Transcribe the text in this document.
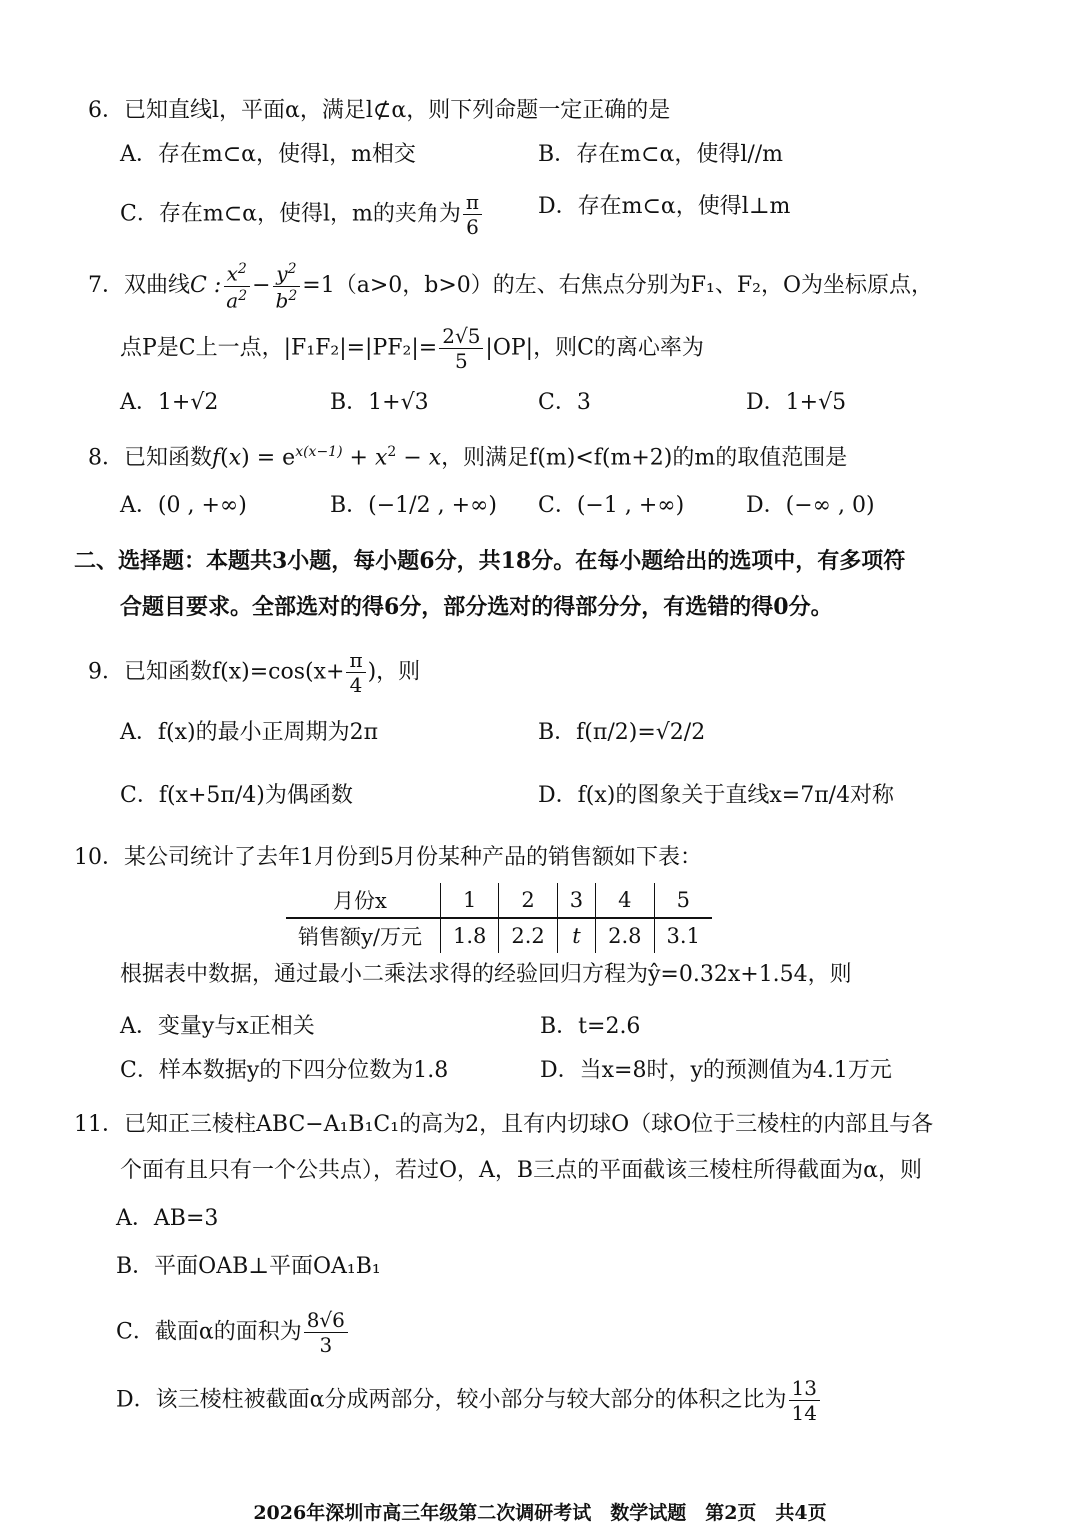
6．已知直线l，平面α，满足l⊄α，则下列命题一定正确的是
A．存在m⊂α，使得l，m相交	B．存在m⊂α，使得l//m
C．存在m⊂α，使得l，m的夹角为 $\frac{\pi}{6}$	D．存在m⊂α，使得l⊥m
7．双曲线C : $\frac{x^2}{a^2} - \frac{y^2}{b^2} =1(a>0$，b>0）的左、右焦点分别为F₁、F₂，O为坐标原点，
点P是C上一点，$|F_1F_2|=|PF_2|= \frac{2√5}{5} |OP|$，则C的离心率为
A．1+√2	B．1+√3	C．3	D．1+√5
8．已知函数$f(x) = e^{x(x-1)} + x^2 - x$，则满足f(m)<f(m+2)的m的取值范围是
A．(0 , +∞)	B．(−1/2 , +∞) C．(−1 , +∞)	D．(−∞ , 0)
二、选择题：本题共3小题，每小题6分，共18分。在每小题给出的选项中，有多项符
合题目要求。全部选对的得6分，部分选对的得部分分，有选错的得0分。
9．已知函数$f(x)=\cos(x+ \frac{\pi}{4}$ )，则
A．f(x)的最小正周期为2π	B．f(π/2)=√2/2
C．f(x+5π/4)为偶函数	D．f(x)的图象关于直线x=7π/4对称
10．某公司统计了去年1月份到5月份某种产品的销售额如下表：
月份x	1	2	3	4	5
销售额y/万元	1.8	2.2	t	2.8	3.1
根据表中数据，通过最小二乘法求得的经验回归方程为ŷ=0.32x+1.54，则
A．变量y与x正相关	B．t=2.6
C．样本数据y的下四分位数为1.8	D．当x=8时，y的预测值为4.1万元
11．已知正三棱柱ABC−A₁B₁C₁的高为2，且有内切球O（球O位于三棱柱的内部且与各
个面有且只有一个公共点），若过O，A，B三点的平面截该三棱柱所得截面为α，则
A．AB=3
B．平面OAB⊥平面OA₁B₁
C．截面α的面积为 $\frac{8√6}{3}$
D．该三棱柱被截面α分成两部分，较小部分与较大部分的体积之比为 $\frac{13}{14}$
2026年深圳市高三年级第二次调研考试　数学试题　第2页　共4页
